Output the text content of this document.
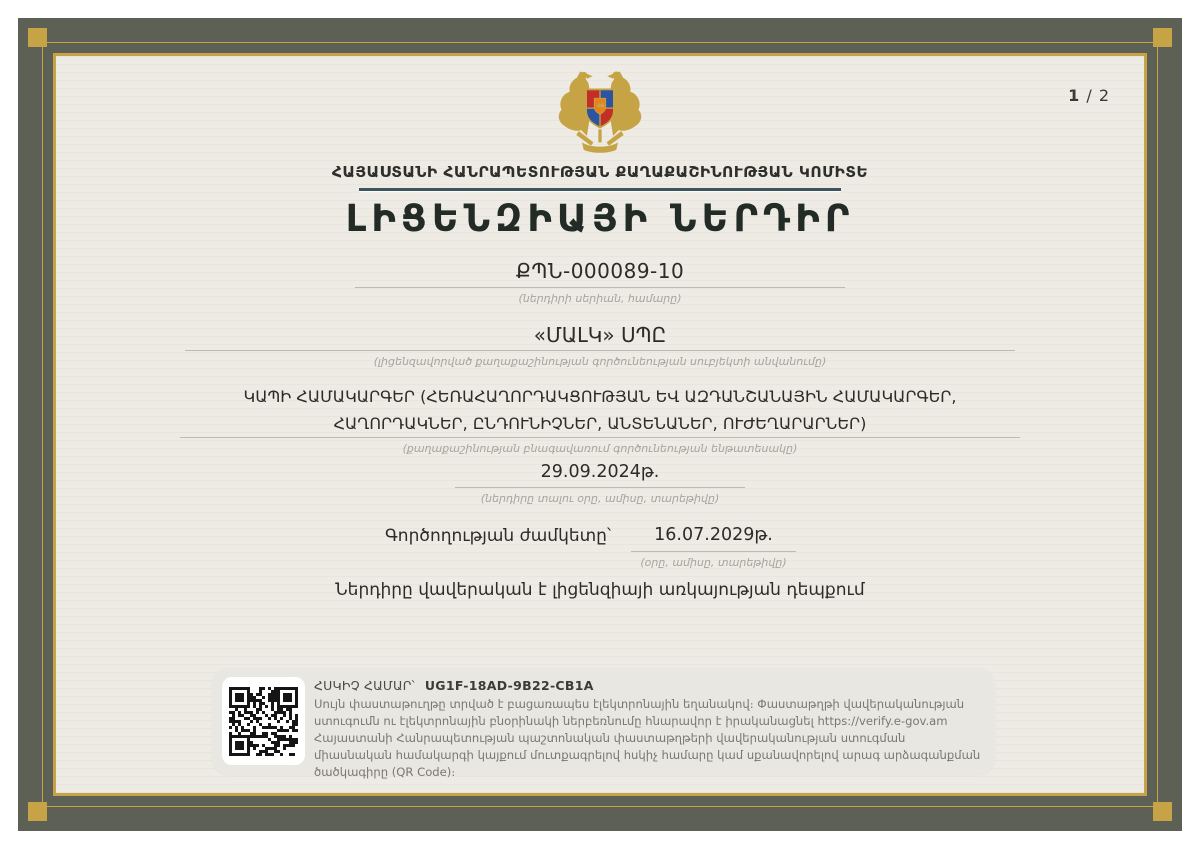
1 / 2
ՀԱՅԱՍՏԱՆԻ ՀԱՆՐԱՊԵՏՈՒԹՅԱՆ ՔԱՂԱՔԱՇԻՆՈՒԹՅԱՆ ԿՈՄԻՏԵ
ԼԻՑԵՆԶԻԱՅԻ ՆԵՐԴԻՐ
ՔՊՆ-000089-10
(ներդիրի սերիան, համարը)
«ՄԱԼԿ» ՍՊԸ
(լիցենզավորված քաղաքաշինության գործունեության սուբյեկտի անվանումը)
ԿԱՊԻ ՀԱՄԱԿԱՐԳԵՐ (ՀԵՌԱՀԱՂՈՐԴԱԿՑՈՒԹՅԱՆ ԵՎ ԱԶԴԱՆՇԱՆԱՅԻՆ ՀԱՄԱԿԱՐԳԵՐ,
ՀԱՂՈՐԴԱԿՆԵՐ, ԸՆԴՈՒՆԻՉՆԵՐ, ԱՆՏԵՆԱՆԵՐ, ՈՒԺԵՂԱՐԱՐՆԵՐ)
(քաղաքաշինության բնագավառում գործունեության ենթատեսակը)
29.09.2024թ.
(ներդիրը տալու օրը, ամիսը, տարեթիվը)
Գործողության ժամկետը՝	16.07.2029թ.
(օրը, ամիսը, տարեթիվը)
Ներդիրը վավերական է լիցենզիայի առկայության դեպքում
ՀՍԿԻՉ ՀԱՄԱՐ՝ UG1F-18AD-9B22-CB1A
Սույն փաստաթուղթը տրված է բացառապես էլեկտրոնային եղանակով։ Փաստաթղթի վավերականության ստուգումն ու էլեկտրոնային բնօրինակի ներբեռնումը հնարավոր է իրականացնել https://verify.e-gov.am Հայաստանի Հանրապետության պաշտոնական փաստաթղթերի վավերականության ստուգման միասնական համակարգի կայքում մուտքագրելով հսկիչ համարը կամ սքանավորելով արագ արձագանքման ծածկագիրը (QR Code)։
